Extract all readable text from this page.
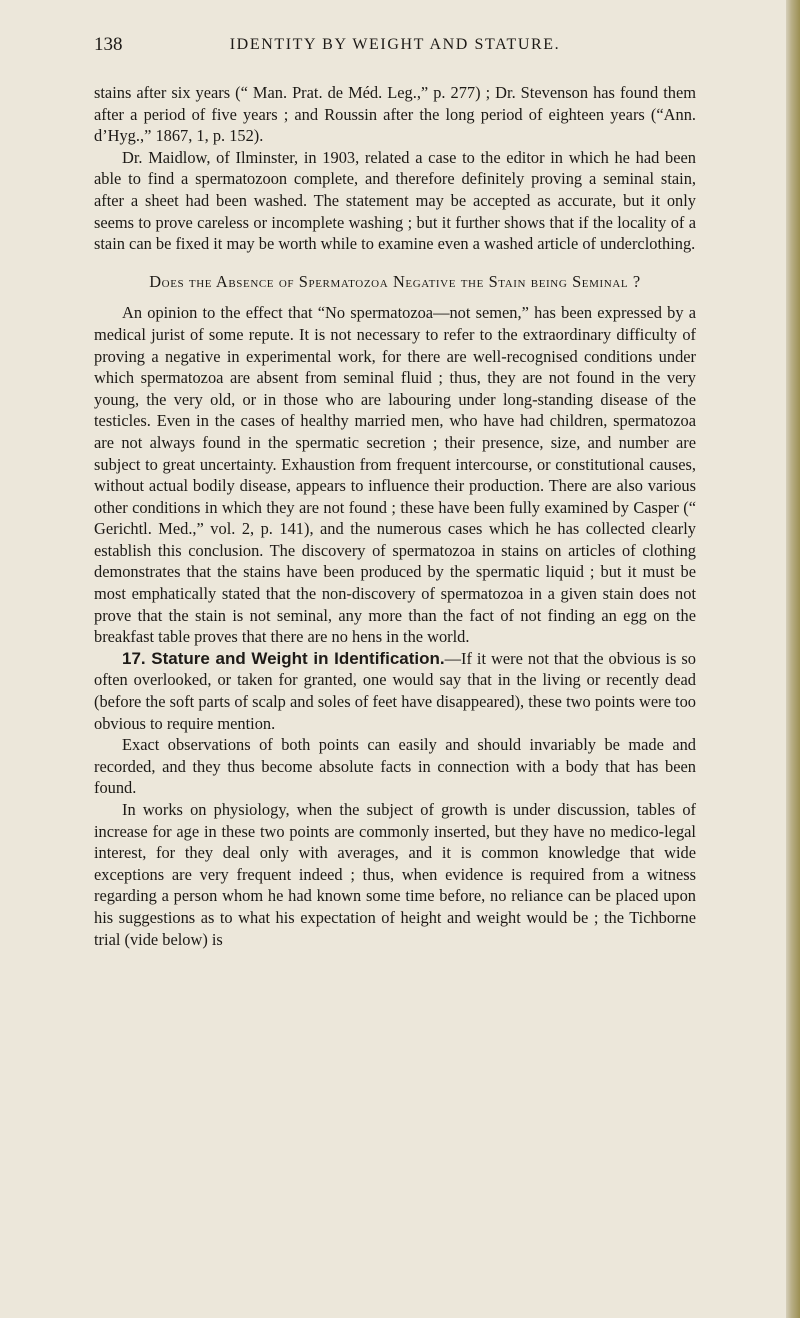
138	IDENTITY BY WEIGHT AND STATURE.

stains after six years (“ Man. Prat. de Méd. Leg.,” p. 277) ; Dr. Stevenson has found them after a period of five years ; and Roussin after the long period of eighteen years (“Ann. d’Hyg.,” 1867, 1, p. 152).

Dr. Maidlow, of Ilminster, in 1903, related a case to the editor in which he had been able to find a spermatozoon complete, and therefore definitely proving a seminal stain, after a sheet had been washed. The statement may be accepted as accurate, but it only seems to prove careless or incomplete washing ; but it further shows that if the locality of a stain can be fixed it may be worth while to examine even a washed article of underclothing.

Does the Absence of Spermatozoa Negative the Stain being Seminal ?

An opinion to the effect that “No spermatozoa—not semen,” has been expressed by a medical jurist of some repute. It is not necessary to refer to the extraordinary difficulty of proving a negative in experimental work, for there are well-recognised conditions under which spermatozoa are absent from seminal fluid ; thus, they are not found in the very young, the very old, or in those who are labouring under long-standing disease of the testicles. Even in the cases of healthy married men, who have had children, spermatozoa are not always found in the spermatic secretion ; their presence, size, and number are subject to great uncertainty. Exhaustion from frequent intercourse, or constitutional causes, without actual bodily disease, appears to influence their production. There are also various other conditions in which they are not found ; these have been fully examined by Casper (“ Gerichtl. Med.,” vol. 2, p. 141), and the numerous cases which he has collected clearly establish this conclusion. The discovery of spermatozoa in stains on articles of clothing demonstrates that the stains have been produced by the spermatic liquid ; but it must be most emphatically stated that the non-discovery of spermatozoa in a given stain does not prove that the stain is not seminal, any more than the fact of not finding an egg on the breakfast table proves that there are no hens in the world.

17. Stature and Weight in Identification.—If it were not that the obvious is so often overlooked, or taken for granted, one would say that in the living or recently dead (before the soft parts of scalp and soles of feet have disappeared), these two points were too obvious to require mention.

Exact observations of both points can easily and should invariably be made and recorded, and they thus become absolute facts in connection with a body that has been found.

In works on physiology, when the subject of growth is under discussion, tables of increase for age in these two points are commonly inserted, but they have no medico-legal interest, for they deal only with averages, and it is common knowledge that wide exceptions are very frequent indeed ; thus, when evidence is required from a witness regarding a person whom he had known some time before, no reliance can be placed upon his suggestions as to what his expectation of height and weight would be ; the Tichborne trial (vide below) is
